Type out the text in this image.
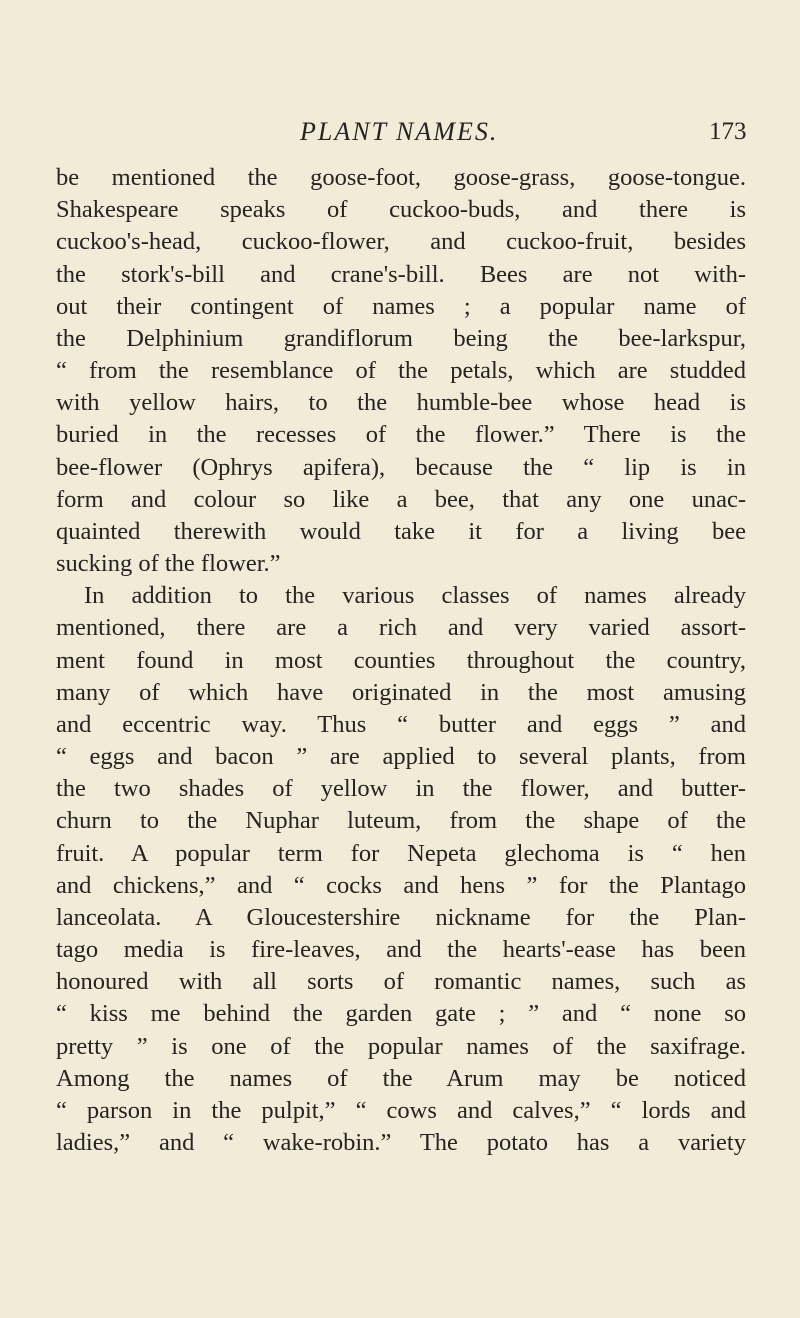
PLANT NAMES.	173
be mentioned the goose-foot, goose-grass, goose-tongue.
Shakespeare speaks of cuckoo-buds, and there is
cuckoo's-head, cuckoo-flower, and cuckoo-fruit, besides
the stork's-bill and crane's-bill. Bees are not with-
out their contingent of names ; a popular name of
the Delphinium grandiflorum being the bee-larkspur,
“ from the resemblance of the petals, which are studded
with yellow hairs, to the humble-bee whose head is
buried in the recesses of the flower.” There is the
bee-flower (Ophrys apifera), because the “ lip is in
form and colour so like a bee, that any one unac-
quainted therewith would take it for a living bee
sucking of the flower.”
In addition to the various classes of names already
mentioned, there are a rich and very varied assort-
ment found in most counties throughout the country,
many of which have originated in the most amusing
and eccentric way. Thus “ butter and eggs ” and
“ eggs and bacon ” are applied to several plants, from
the two shades of yellow in the flower, and butter-
churn to the Nuphar luteum, from the shape of the
fruit. A popular term for Nepeta glechoma is “ hen
and chickens,” and “ cocks and hens ” for the Plantago
lanceolata. A Gloucestershire nickname for the Plan-
tago media is fire-leaves, and the hearts'-ease has been
honoured with all sorts of romantic names, such as
“ kiss me behind the garden gate ; ” and “ none so
pretty ” is one of the popular names of the saxifrage.
Among the names of the Arum may be noticed
“ parson in the pulpit,” “ cows and calves,” “ lords and
ladies,” and “ wake-robin.” The potato has a variety
